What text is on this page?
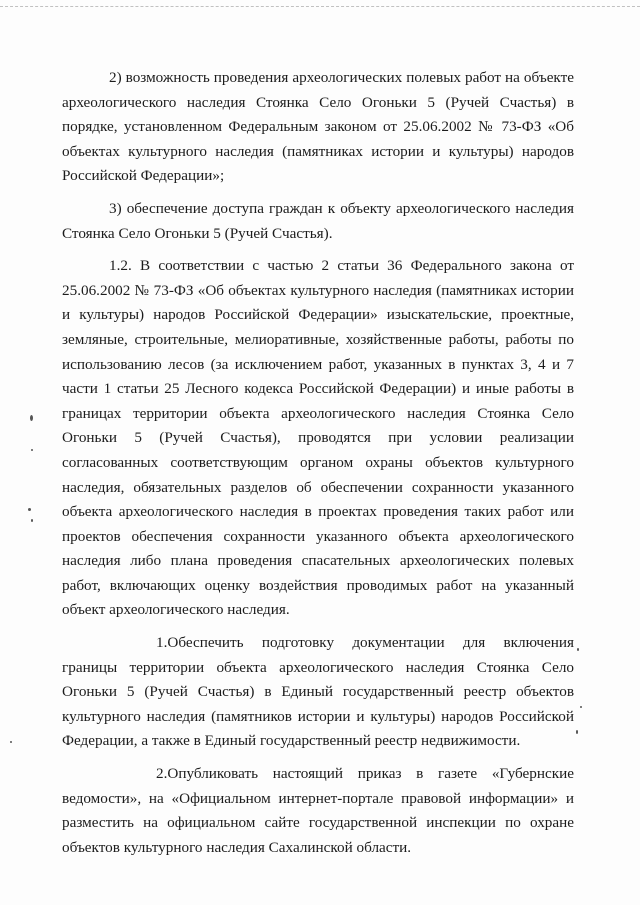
2) возможность проведения археологических полевых работ на объекте археологического наследия Стоянка Село Огоньки 5 (Ручей Счастья) в порядке, установленном Федеральным законом от 25.06.2002 № 73-ФЗ «Об объектах культурного наследия (памятниках истории и культуры) народов Российской Федерации»;

3) обеспечение доступа граждан к объекту археологического наследия Стоянка Село Огоньки 5 (Ручей Счастья).

1.2. В соответствии с частью 2 статьи 36 Федерального закона от 25.06.2002 № 73-ФЗ «Об объектах культурного наследия (памятниках истории и культуры) народов Российской Федерации» изыскательские, проектные, земляные, строительные, мелиоративные, хозяйственные работы, работы по использованию лесов (за исключением работ, указанных в пунктах 3, 4 и 7 части 1 статьи 25 Лесного кодекса Российской Федерации) и иные работы в границах территории объекта археологического наследия Стоянка Село Огоньки 5 (Ручей Счастья), проводятся при условии реализации согласованных соответствующим органом охраны объектов культурного наследия, обязательных разделов об обеспечении сохранности указанного объекта археологического наследия в проектах проведения таких работ или проектов обеспечения сохранности указанного объекта археологического наследия либо плана проведения спасательных археологических полевых работ, включающих оценку воздействия проводимых работ на указанный объект археологического наследия.

1.Обеспечить подготовку документации для включения границы территории объекта археологического наследия Стоянка Село Огоньки 5 (Ручей Счастья) в Единый государственный реестр объектов культурного наследия (памятников истории и культуры) народов Российской Федерации, а также в Единый государственный реестр недвижимости.

2.Опубликовать настоящий приказ в газете «Губернские ведомости», на «Официальном интернет-портале правовой информации» и разместить на официальном сайте государственной инспекции по охране объектов культурного наследия Сахалинской области.
